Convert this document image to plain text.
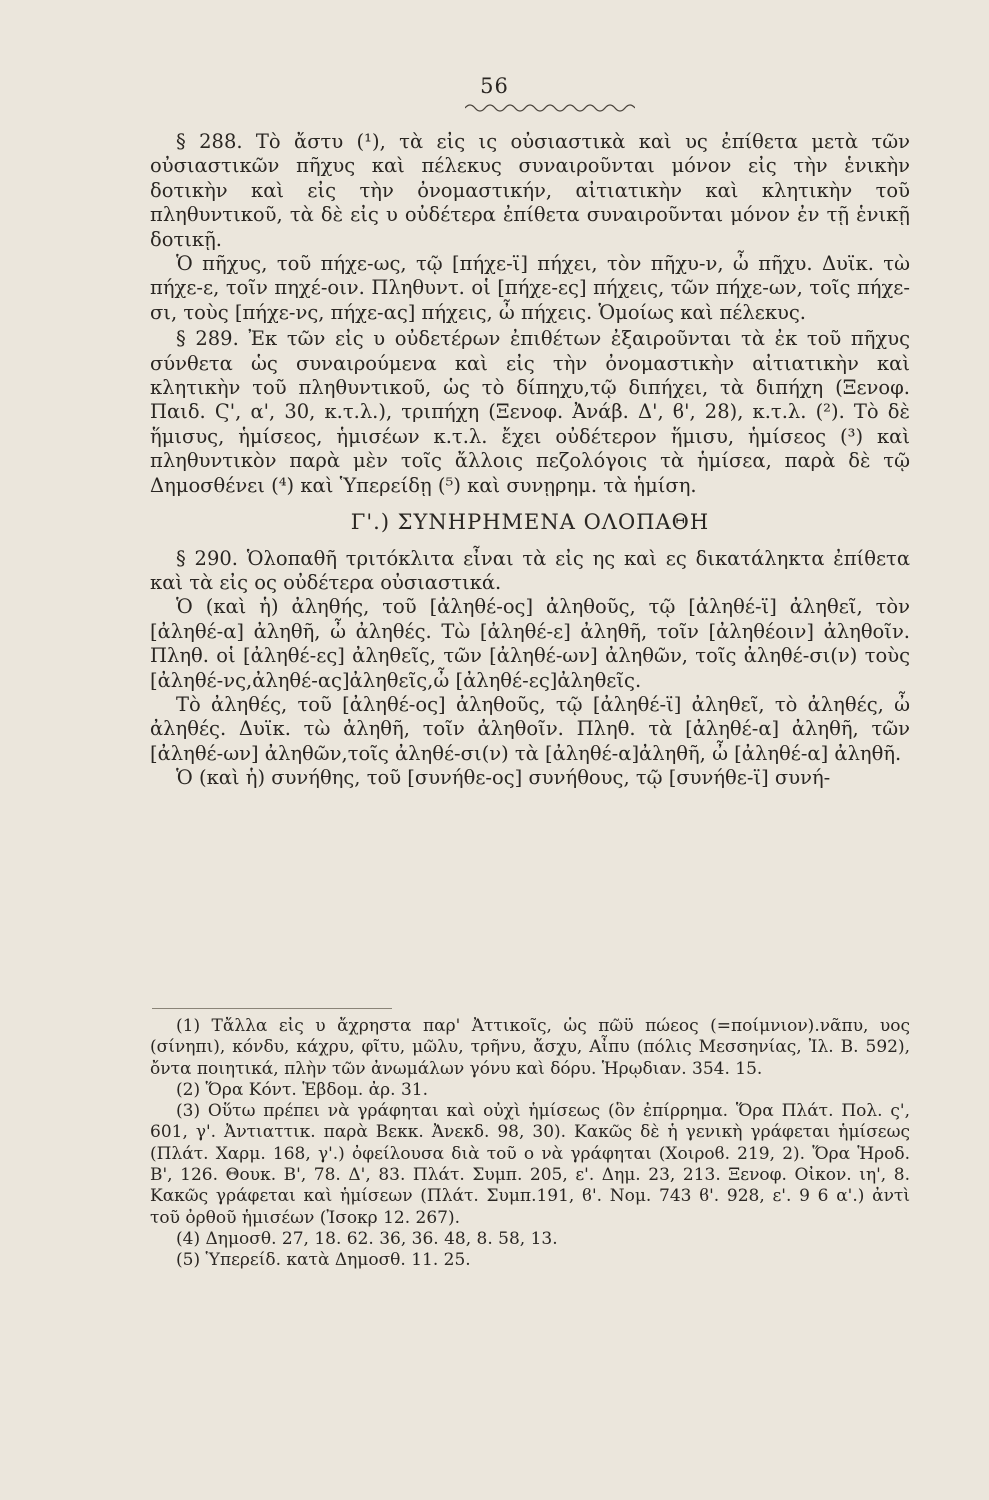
56

§ 288. Τὸ ἄστυ (¹), τὰ εἰς ις οὐσιαστικὰ καὶ υς ἐπίθετα μετὰ τῶν οὐσιαστικῶν πῆχυς καὶ πέλεκυς συναιροῦνται μόνον εἰς τὴν ἑνικὴν δοτικὴν καὶ εἰς τὴν ὀνομαστικήν, αἰτιατικὴν καὶ κλητικὴν τοῦ πληθυντικοῦ, τὰ δὲ εἰς υ οὐδέτερα ἐπίθετα συναιροῦνται μόνον ἐν τῇ ἑνικῇ δοτικῇ.

Ὁ πῆχυς, τοῦ πήχε-ως, τῷ [πήχε-ϊ] πήχει, τὸν πῆχυ-ν, ὦ πῆχυ. Δυϊκ. τὼ πήχε-ε, τοῖν πηχέ-οιν. Πληθυντ. οἱ [πήχε-ες] πήχεις, τῶν πήχε-ων, τοῖς πήχε-σι, τοὺς [πήχε-νς, πήχε-ας] πήχεις, ὦ πήχεις. Ὁμοίως καὶ πέλεκυς.

§ 289. Ἐκ τῶν εἰς υ οὐδετέρων ἐπιθέτων ἐξαιροῦνται τὰ ἐκ τοῦ πῆχυς σύνθετα ὡς συναιρούμενα καὶ εἰς τὴν ὀνομαστικὴν αἰτιατικὴν καὶ κλητικὴν τοῦ πληθυντικοῦ, ὡς τὸ δίπηχυ,τῷ διπήχει, τὰ διπήχη (Ξενοφ. Παιδ. Ϛ', α', 30, κ.τ.λ.), τριπήχη (Ξενοφ. Ἀνάβ. Δ', ϐ', 28), κ.τ.λ. (²). Τὸ δὲ ἥμισυς, ἡμίσεος, ἡμισέων κ.τ.λ. ἔχει οὐδέτερον ἥμισυ, ἡμίσεος (³) καὶ πληθυντικὸν παρὰ μὲν τοῖς ἄλλοις πεζολόγοις τὰ ἡμίσεα, παρὰ δὲ τῷ Δημοσθένει (⁴) καὶ Ὑπερείδῃ (⁵) καὶ συνῃρημ. τὰ ἡμίση.

Γ'.) ΣΥΝΗΡΗΜΕΝΑ ΟΛΟΠΑΘΗ

§ 290. Ὁλοπαθῆ τριτόκλιτα εἶναι τὰ εἰς ης καὶ ες δικατάληκτα ἐπίθετα καὶ τὰ εἰς ος οὐδέτερα οὐσιαστικά.

Ὁ (καὶ ἡ) ἀληθής, τοῦ [ἀληθέ-ος] ἀληθοῦς, τῷ [ἀληθέ-ϊ] ἀληθεῖ, τὸν [ἀληθέ-α] ἀληθῆ, ὦ ἀληθές. Τὼ [ἀληθέ-ε] ἀληθῆ, τοῖν [ἀληθέοιν] ἀληθοῖν. Πληθ. οἱ [ἀληθέ-ες] ἀληθεῖς, τῶν [ἀληθέ-ων] ἀληθῶν, τοῖς ἀληθέ-σι(ν) τοὺς [ἀληθέ-νς,ἀληθέ-ας]ἀληθεῖς,ὦ [ἀληθέ-ες]ἀληθεῖς.

Τὸ ἀληθές, τοῦ [ἀληθέ-ος] ἀληθοῦς, τῷ [ἀληθέ-ϊ] ἀληθεῖ, τὸ ἀληθές, ὦ ἀληθές. Δυϊκ. τὼ ἀληθῆ, τοῖν ἀληθοῖν. Πληθ. τὰ [ἀληθέ-α] ἀληθῆ, τῶν [ἀληθέ-ων] ἀληθῶν,τοῖς ἀληθέ-σι(ν) τὰ [ἀληθέ-α]ἀληθῆ, ὦ [ἀληθέ-α] ἀληθῆ.

Ὁ (καὶ ἡ) συνήθης, τοῦ [συνήθε-ος] συνήθους, τῷ [συνήθε-ϊ] συνή-

(1) Τἄλλα εἰς υ ἄχρηστα παρ' Ἀττικοῖς, ὡς πῶϋ πώεος (=ποίμνιον).νᾶπυ, υος (σίνηπι), κόνδυ, κάχρυ, φῖτυ, μῶλυ, τρῆνυ, ἄσχυ, Αἶπυ (πόλις Μεσσηνίας, Ἰλ. Β. 592), ὄντα ποιητικά, πλὴν τῶν ἀνωμάλων γόνυ καὶ δόρυ. Ἡρῳδιαν. 354. 15.

(2) Ὅρα Κόντ. Ἑβδομ. ἀρ. 31.

(3) Οὕτω πρέπει νὰ γράφηται καὶ οὐχὶ ἡμίσεως (ὃν ἐπίρρημα. Ὅρα Πλάτ. Πολ. ς', 601, γ'. Ἀντιαττικ. παρὰ Βεκκ. Ἀνεκδ. 98, 30). Κακῶς δὲ ἡ γενικὴ γράφεται ἡμίσεως (Πλάτ. Χαρμ. 168, γ'.) ὀφείλουσα διὰ τοῦ ο νὰ γράφηται (Χοιροϐ. 219, 2). Ὅρα Ἡροδ. Β', 126. Θουκ. Β', 78. Δ', 83. Πλάτ. Συμπ. 205, ε'. Δημ. 23, 213. Ξενοφ. Οἰκον. ιη', 8. Κακῶς γράφεται καὶ ἡμίσεων (Πλάτ. Συμπ.191, ϐ'. Νομ. 743 ϐ'. 928, ε'. 9 6 α'.) ἀντὶ τοῦ ὀρθοῦ ἡμισέων (Ἰσοκρ 12. 267).

(4) Δημοσθ. 27, 18. 62. 36, 36. 48, 8. 58, 13.

(5) Ὑπερείδ. κατὰ Δημοσθ. 11. 25.
